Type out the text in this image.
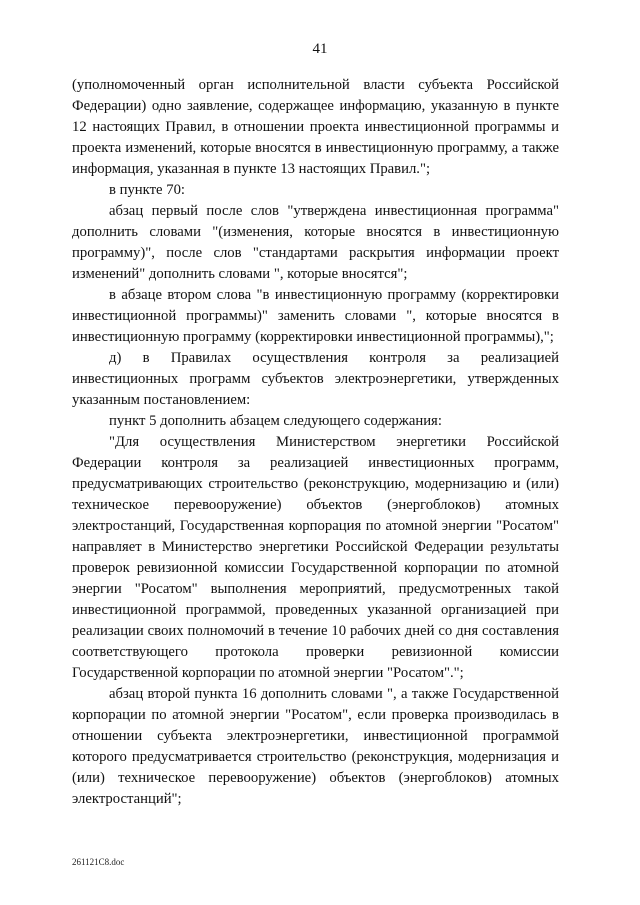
41

(уполномоченный орган исполнительной власти субъекта Российской Федерации) одно заявление, содержащее информацию, указанную в пункте 12 настоящих Правил, в отношении проекта инвестиционной программы и проекта изменений, которые вносятся в инвестиционную программу, а также информация, указанная в пункте 13 настоящих Правил.";

в пункте 70:

абзац первый после слов "утверждена инвестиционная программа" дополнить словами "(изменения, которые вносятся в инвестиционную программу)", после слов "стандартами раскрытия информации проект изменений" дополнить словами ", которые вносятся";

в абзаце втором слова "в инвестиционную программу (корректировки инвестиционной программы)" заменить словами ", которые вносятся в инвестиционную программу (корректировки инвестиционной программы),";

д) в Правилах осуществления контроля за реализацией инвестиционных программ субъектов электроэнергетики, утвержденных указанным постановлением:

пункт 5 дополнить абзацем следующего содержания:

"Для осуществления Министерством энергетики Российской Федерации контроля за реализацией инвестиционных программ, предусматривающих строительство (реконструкцию, модернизацию и (или) техническое перевооружение) объектов (энергоблоков) атомных электростанций, Государственная корпорация по атомной энергии "Росатом" направляет в Министерство энергетики Российской Федерации результаты проверок ревизионной комиссии Государственной корпорации по атомной энергии "Росатом" выполнения мероприятий, предусмотренных такой инвестиционной программой, проведенных указанной организацией при реализации своих полномочий в течение 10 рабочих дней со дня составления соответствующего протокола проверки ревизионной комиссии Государственной корпорации по атомной энергии "Росатом".";

абзац второй пункта 16 дополнить словами ", а также Государственной корпорации по атомной энергии "Росатом", если проверка производилась в отношении субъекта электроэнергетики, инвестиционной программой которого предусматривается строительство (реконструкция, модернизация и (или) техническое перевооружение) объектов (энергоблоков) атомных электростанций";

261121C8.doc
